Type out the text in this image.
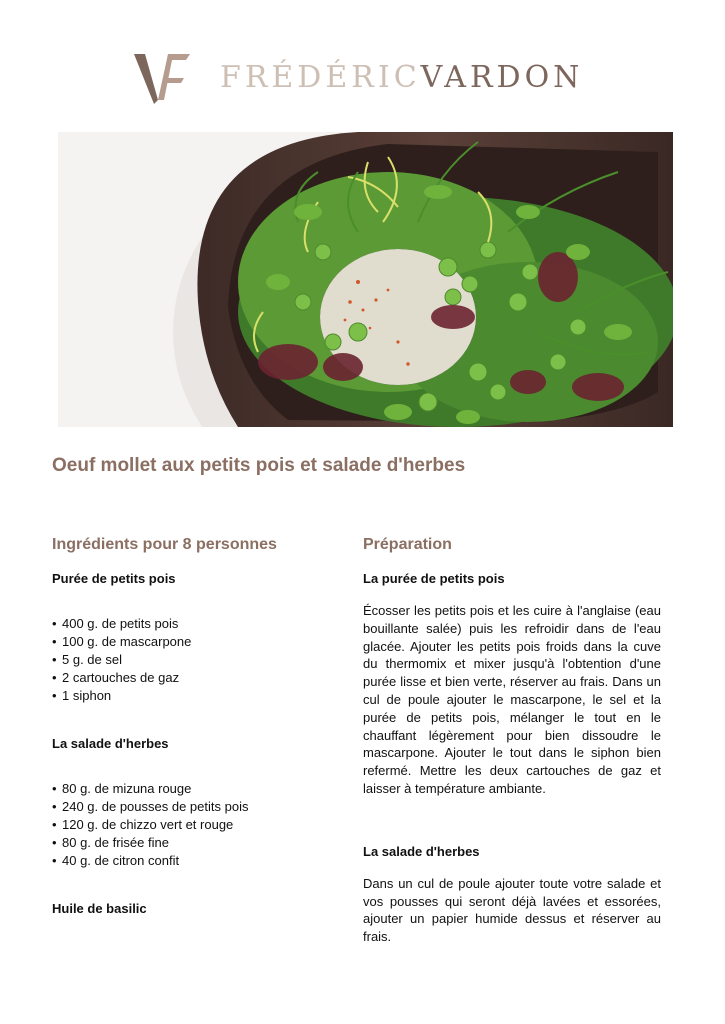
FRÉDÉRICVARDON
Oeuf mollet aux petits pois et salade d'herbes
Ingrédients pour 8 personnes
Purée de petits pois
• 400 g. de petits pois
• 100 g. de mascarpone
• 5 g. de sel
• 2 cartouches de gaz
• 1 siphon
La salade d'herbes
• 80 g. de mizuna rouge
• 240 g. de pousses de petits pois
• 120 g. de chizzo vert et rouge
• 80 g. de frisée fine
• 40 g. de citron confit
Huile de basilic
Préparation
La purée de petits pois

Écosser les petits pois et les cuire à l'anglaise (eau bouillante salée) puis les refroidir dans de l'eau glacée. Ajouter les petits pois froids dans la cuve du thermomix et mixer jusqu'à l'obtention d'une purée lisse et bien verte, réserver au frais. Dans un cul de poule ajouter le mascarpone, le sel et la purée de petits pois, mélanger le tout en le chauffant légèrement pour bien dissoudre le mascarpone. Ajouter le tout dans le siphon bien refermé. Mettre les deux cartouches de gaz et laisser à température ambiante.

La salade d'herbes

Dans un cul de poule ajouter toute votre salade et vos pousses qui seront déjà lavées et essorées, ajouter un papier humide dessus et réserver au frais.
